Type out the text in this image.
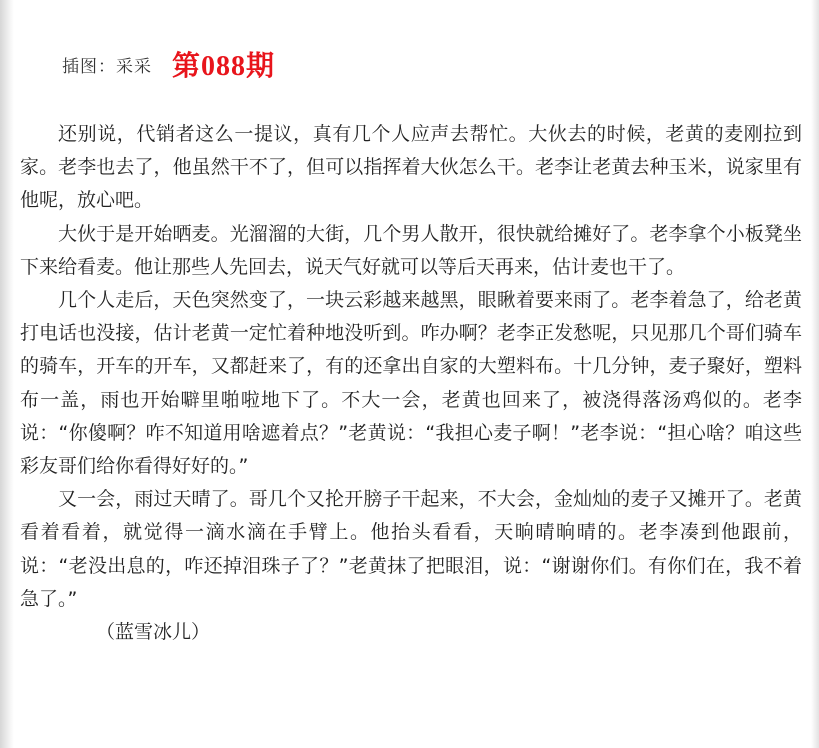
插图：采采 第088期

还别说，代销者这么一提议，真有几个人应声去帮忙。大伙去的时候，老黄的麦刚拉到家。老李也去了，他虽然干不了，但可以指挥着大伙怎么干。老李让老黄去种玉米，说家里有他呢，放心吧。

大伙于是开始晒麦。光溜溜的大街，几个男人散开，很快就给摊好了。老李拿个小板凳坐下来给看麦。他让那些人先回去，说天气好就可以等后天再来，估计麦也干了。

几个人走后，天色突然变了，一块云彩越来越黑，眼瞅着要来雨了。老李着急了，给老黄打电话也没接，估计老黄一定忙着种地没听到。咋办啊？老李正发愁呢，只见那几个哥们骑车的骑车，开车的开车，又都赶来了，有的还拿出自家的大塑料布。十几分钟，麦子聚好，塑料布一盖，雨也开始噼里啪啦地下了。不大一会，老黄也回来了，被浇得落汤鸡似的。老李说：“你傻啊？咋不知道用啥遮着点？”老黄说：“我担心麦子啊！”老李说：“担心啥？咱这些彩友哥们给你看得好好的。”

又一会，雨过天晴了。哥几个又抡开膀子干起来，不大会，金灿灿的麦子又摊开了。老黄看着看着，就觉得一滴水滴在手臂上。他抬头看看，天晌晴晌晴的。老李凑到他跟前，说：“老没出息的，咋还掉泪珠子了？”老黄抹了把眼泪，说：“谢谢你们。有你们在，我不着急了。”

（蓝雪冰儿）
